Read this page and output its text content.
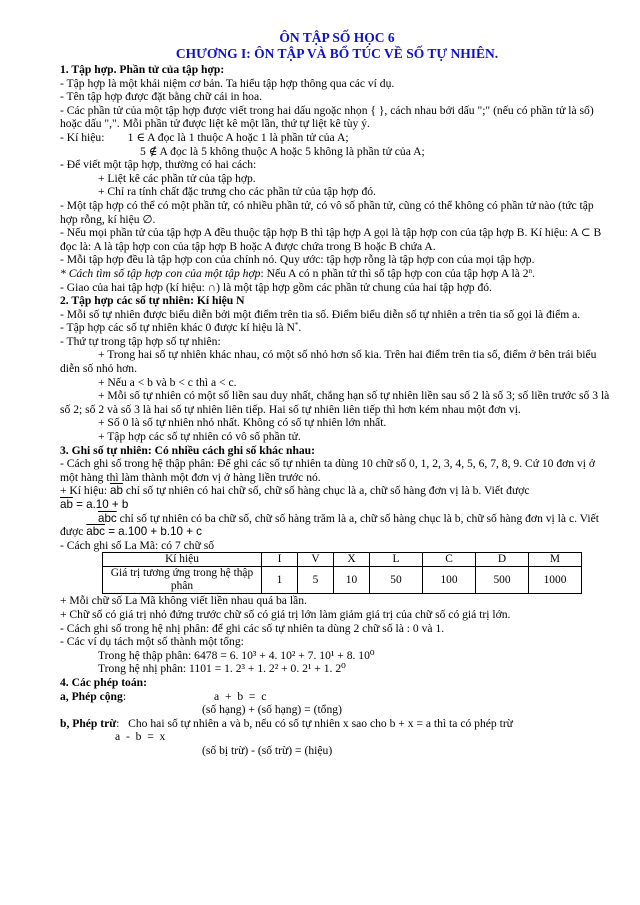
ÔN TẬP SỐ HỌC 6
CHƯƠNG I: ÔN TẬP VÀ BỔ TÚC VỀ SỐ TỰ NHIÊN.
1. Tập hợp. Phần tử của tập hợp:
- Tập hợp là một khái niệm cơ bản. Ta hiểu tập hợp thông qua các ví dụ.
- Tên tập hợp được đặt bằng chữ cái in hoa.
- Các phần tử của một tập hợp được viết trong hai dấu ngoặc nhọn { }, cách nhau bởi dấu ";" (nếu có phần tử là số) hoặc dấu ",". Mỗi phần tử được liệt kê một lần, thứ tự liệt kê tùy ý.
- Kí hiệu:        1 ∈ A đọc là 1 thuộc A hoặc 1 là phần tử của A;
5 ∉ A đọc là 5 không thuộc A hoặc 5 không là phần tử của A;
- Để viết một tập hợp, thường có hai cách:
+ Liệt kê các phần tử của tập hợp.
+ Chỉ ra tính chất đặc trưng cho các phần tử của tập hợp đó.
- Một tập hợp có thể có một phần tử, có nhiều phần tử, có vô số phần tử, cũng có thể không có phần tử nào (tức tập hợp rỗng, kí hiệu ∅.
- Nếu mọi phần tử của tập hợp A đều thuộc tập hợp B thì tập hợp A gọi là tập hợp con của tập hợp B. Kí hiệu: A ⊂ B đọc là: A là tập hợp con của tập hợp B hoặc A được chứa trong B hoặc B chứa A.
- Mỗi tập hợp đều là tập hợp con của chính nó. Quy ước: tập hợp rỗng là tập hợp con của mọi tập hợp.
* Cách tìm số tập hợp con của một tập hợp: Nếu A có n phần tử thì số tập hợp con của tập hợp A là 2$^n$.
- Giao của hai tập hợp (kí hiệu: ∩) là một tập hợp gồm các phần tử chung của hai tập hợp đó.
2. Tập hợp các số tự nhiên: Kí hiệu N
- Mỗi số tự nhiên được biểu diễn bởi một điểm trên tia số. Điểm biểu diễn số tự nhiên a trên tia số gọi là điểm a.
- Tập hợp các số tự nhiên khác 0 được kí hiệu là N*.
- Thứ tự trong tập hợp số tự nhiên:
+ Trong hai số tự nhiên khác nhau, có một số nhỏ hơn số kia. Trên hai điểm trên tia số, điểm ở bên trái biểu diễn số nhỏ hơn.
+ Nếu a < b và b < c thì a < c.
+ Mỗi số tự nhiên có một số liền sau duy nhất, chẳng hạn số tự nhiên liền sau số 2 là số 3; số liền trước số 3 là số 2; số 2 và số 3 là hai số tự nhiên liên tiếp. Hai số tự nhiên liên tiếp thì hơn kém nhau một đơn vị.
+ Số 0 là số tự nhiên nhỏ nhất. Không có số tự nhiên lớn nhất.
+ Tập hợp các số tự nhiên có vô số phần tử.
3. Ghi số tự nhiên: Có nhiều cách ghi số khác nhau:
- Cách ghi số trong hệ thập phân: Để ghi các số tự nhiên ta dùng 10 chữ số 0, 1, 2, 3, 4, 5, 6, 7, 8, 9. Cứ 10 đơn vị ở một hàng thì làm thành một đơn vị ở hàng liền trước nó.
+ Kí hiệu: $\overline{ab}$ chỉ số tự nhiên có hai chữ số, chữ số hàng chục là a, chữ số hàng đơn vị là b. Viết được
$\overline{ab} = a.10 + b$
$\overline{abc}$ chỉ số tự nhiên có ba chữ số, chữ số hàng trăm là a, chữ số hàng chục là b, chữ số hàng đơn vị là c. Viết được $\overline{abc} = a.100 + b.10 + c$
- Cách ghi số La Mã: có 7 chữ số
Kí hiệu	I	V	X	L	C	D	M
Giá trị tương ứng trong hệ thập phân	1	5	10	50	100	500	1000
+ Mỗi chữ số La Mã không viết liền nhau quá ba lần.
+ Chữ số có giá trị nhỏ đứng trước chữ số có giá trị lớn làm giảm giá trị của chữ số có giá trị lớn.
- Cách ghi số trong hệ nhị phân: để ghi các số tự nhiên ta dùng 2 chữ số là : 0 và 1.
- Các ví dụ tách một số thành một tổng:
Trong hệ thập phân: 6478 = 6. 10³ + 4. 10² + 7. 10¹ + 8. 10⁰
Trong hệ nhị phân: 1101 = 1. 2³ + 1. 2² + 0. 2¹ + 1. 2⁰
4. Các phép toán:
a, Phép cộng:	a  +  b  =  c
(số hạng) + (số hạng) = (tổng)
b, Phép trừ:   Cho hai số tự nhiên a và b, nếu có số tự nhiên x sao cho b + x = a thì ta có phép trừ
a  -  b  =  x
(số bị trừ) - (số trừ) = (hiệu)
